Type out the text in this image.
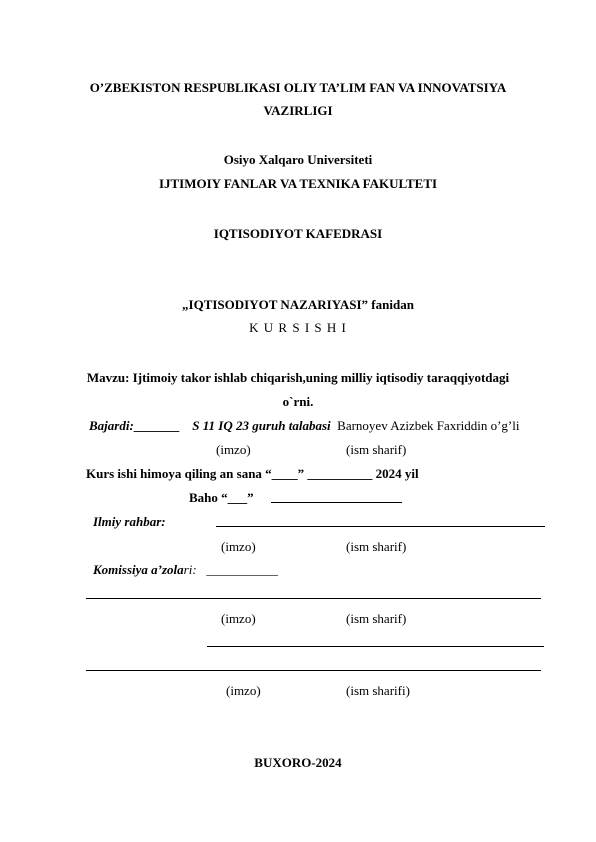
O’ZBEKISTON RESPUBLIKASI OLIY TA’LIM FAN VA INNOVATSIYA
VAZIRLIGI
Osiyo Xalqaro Universiteti
IJTIMOIY FANLAR VA TEXNIKA FAKULTETI
IQTISODIYOT KAFEDRASI
„IQTISODIYOT NAZARIYASI” fanidan
K U R S I S H I
Mavzu: Ijtimoiy takor ishlab chiqarish,uning milliy iqtisodiy taraqqiyotdagi
o`rni.
Bajardi:_______ S 11 IQ 23 guruh talabasi Barnoyev Azizbek Faxriddin o’g’li
(imzo)	(ism sharif)
Kurs ishi himoya qiling an sana “____” __________ 2024 yil
Baho “___”
Ilmiy rahbar:
(imzo)	(ism sharif)
Komissiya a’zolari: ___________
(imzo)	(ism sharif)
(imzo)	(ism sharifi)
BUXORO-2024
